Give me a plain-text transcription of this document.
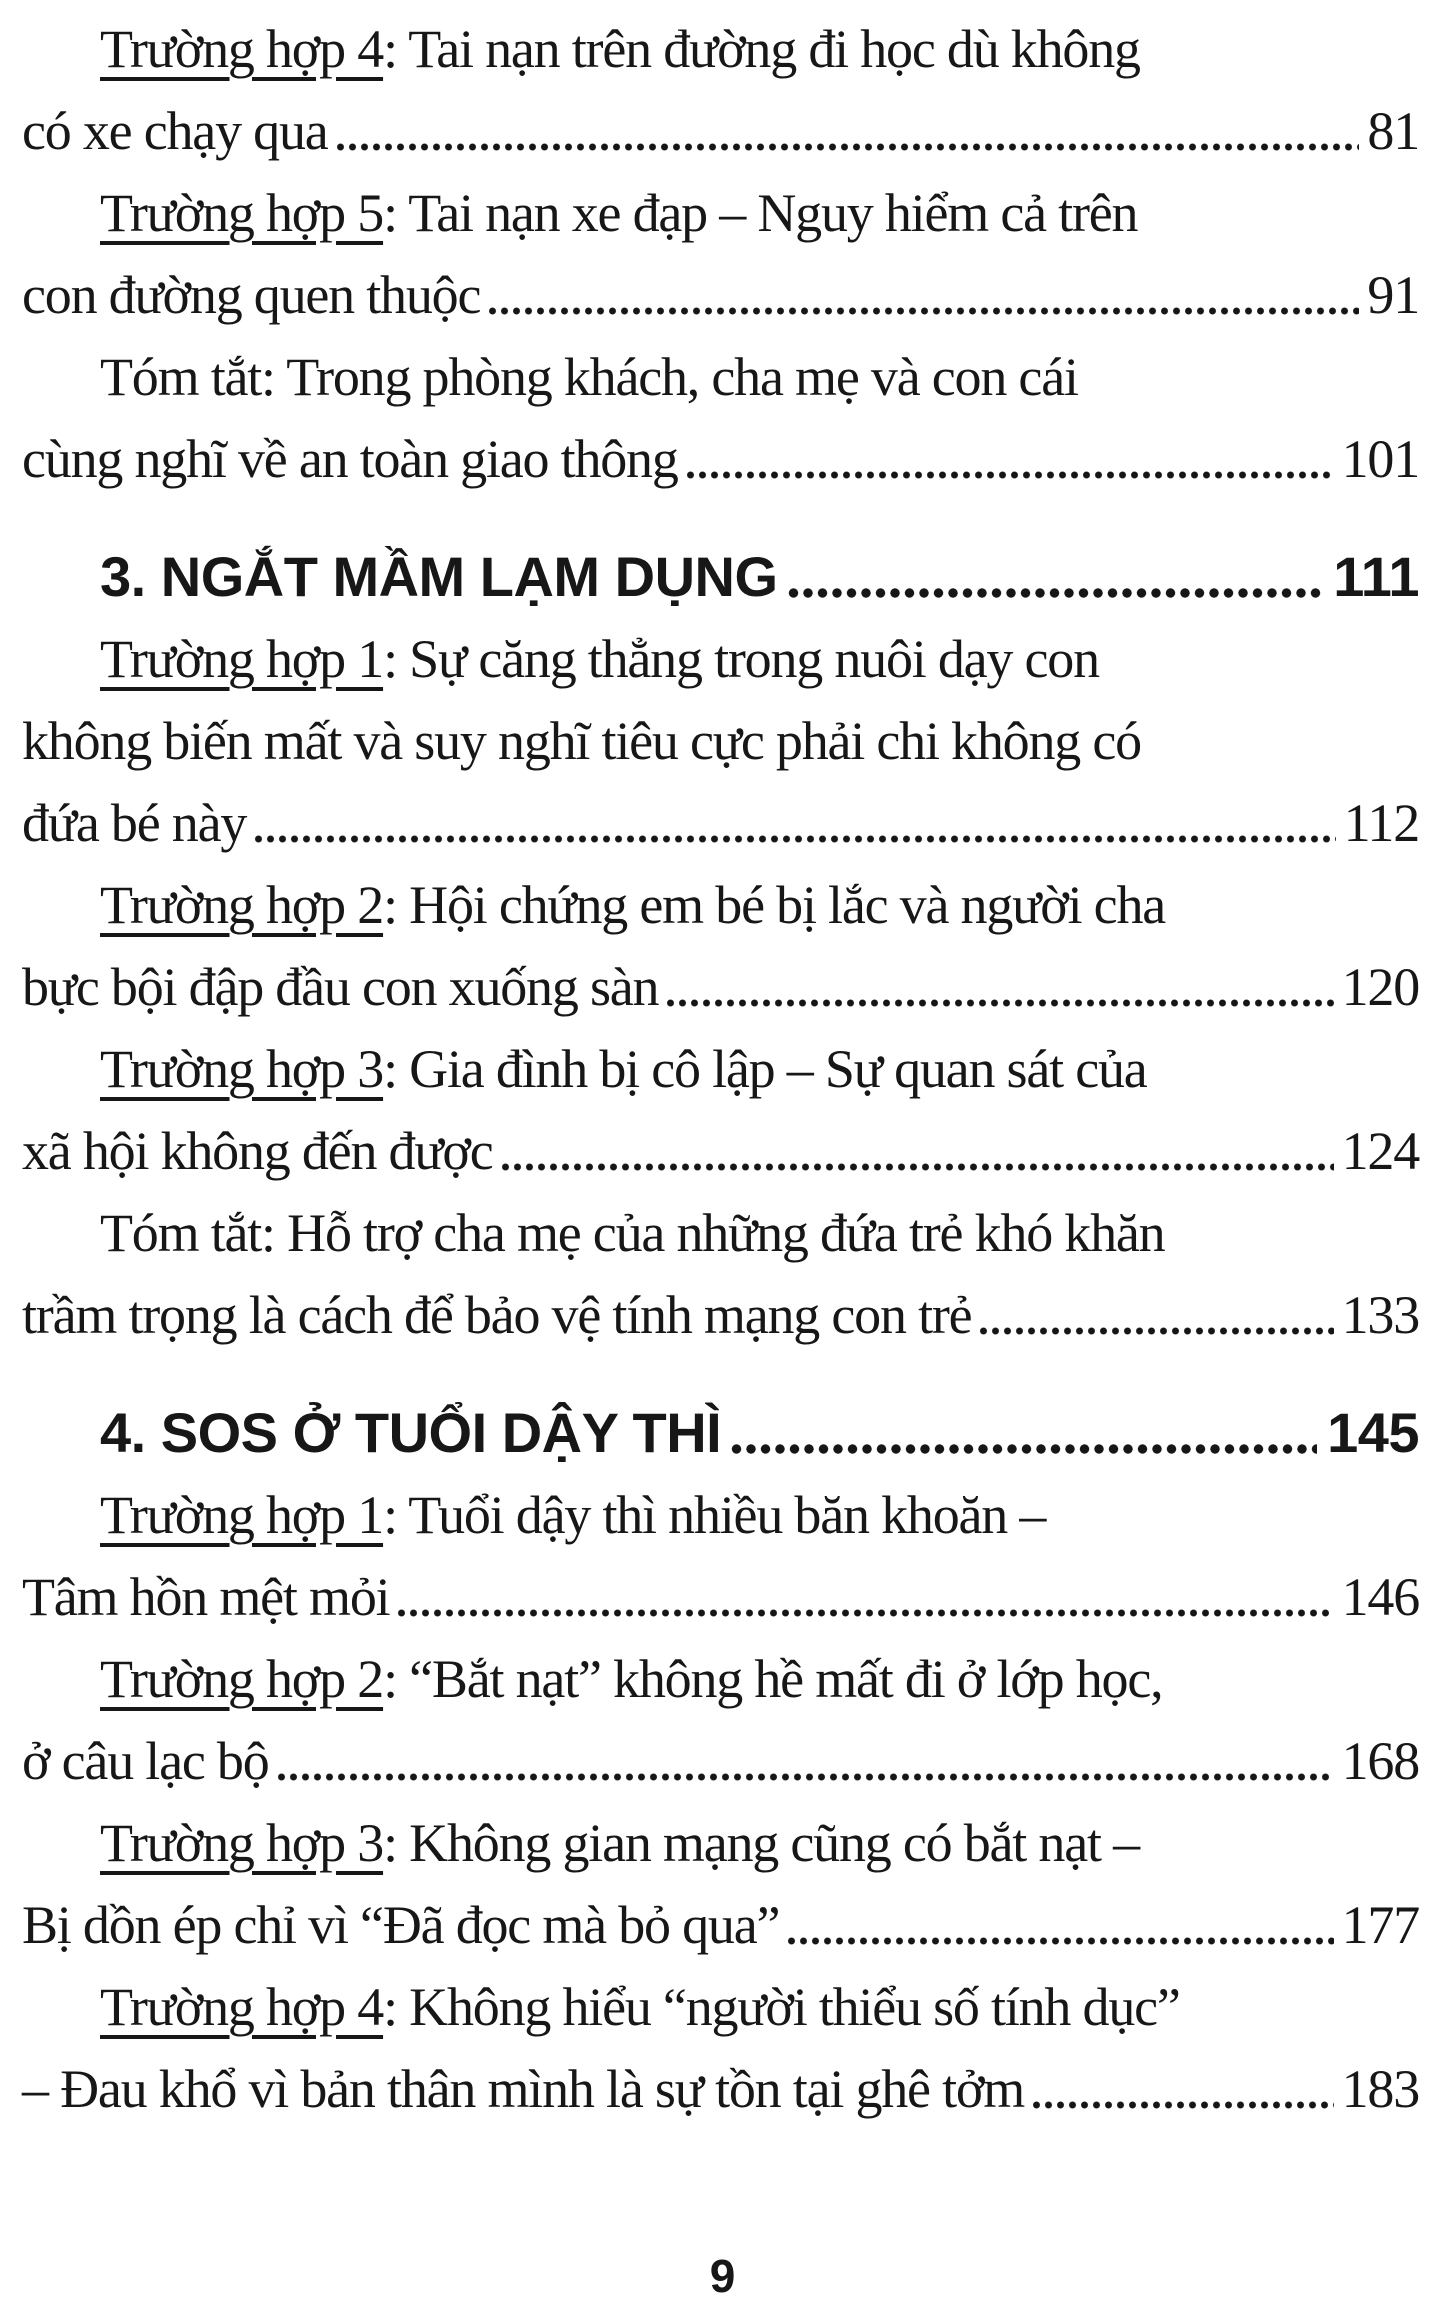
Trường hợp 4 : Tai nạn trên đường đi học dù không
có xe chạy qua	81
Trường hợp 5 : Tai nạn xe đạp – Nguy hiểm cả trên
con đường quen thuộc	91
Tóm tắt: Trong phòng khách, cha mẹ và con cái
cùng nghĩ về an toàn giao thông	101
3. NGẮT MẦM LẠM DỤNG	111
Trường hợp 1 : Sự căng thẳng trong nuôi dạy con
không biến mất và suy nghĩ tiêu cực phải chi không có
đứa bé này	112
Trường hợp 2 : Hội chứng em bé bị lắc và người cha
bực bội đập đầu con xuống sàn	120
Trường hợp 3 : Gia đình bị cô lập – Sự quan sát của
xã hội không đến được	124
Tóm tắt: Hỗ trợ cha mẹ của những đứa trẻ khó khăn
trầm trọng là cách để bảo vệ tính mạng con trẻ	133
4. SOS Ở TUỔI DẬY THÌ	145
Trường hợp 1 : Tuổi dậy thì nhiều băn khoăn –
Tâm hồn mệt mỏi	146
Trường hợp 2 : “Bắt nạt” không hề mất đi ở lớp học,
ở câu lạc bộ	168
Trường hợp 3 : Không gian mạng cũng có bắt nạt –
Bị dồn ép chỉ vì “Đã đọc mà bỏ qua”	177
Trường hợp 4 : Không hiểu “người thiểu số tính dục”
– Đau khổ vì bản thân mình là sự tồn tại ghê tởm	183
9
